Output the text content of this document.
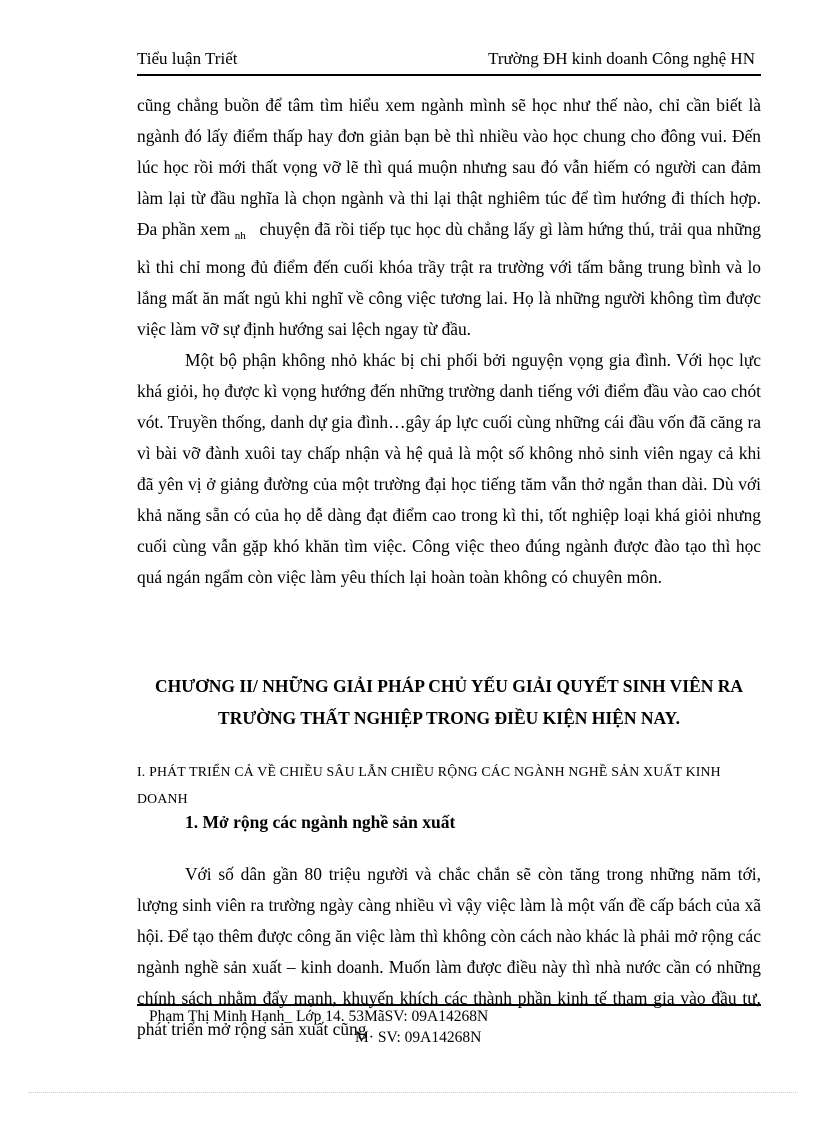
Tiểu luận Triết	Trường ĐH kinh doanh Công nghệ HN

cũng chẳng buồn để tâm tìm hiểu xem ngành mình sẽ học như thế nào, chỉ cần biết là ngành đó lấy điểm thấp hay đơn giản bạn bè thì nhiều vào học chung cho đông vui. Đến lúc học rồi mới thất vọng vỡ lẽ thì quá muộn nhưng sau đó vẫn hiếm có người can đảm làm lại từ đầu nghĩa là chọn ngành và thi lại thật nghiêm túc để tìm hướng đi thích hợp. Đa phần xem $_{nh}$ chuyện đã rồi tiếp tục học dù chẳng lấy gì làm hứng thú, trải qua những kì thi chỉ mong đủ điểm đến cuối khóa trầy trật ra trường với tấm bằng trung bình và lo lắng mất ăn mất ngủ khi nghĩ về công việc tương lai. Họ là những người không tìm được việc làm vỡ sự định hướng sai lệch ngay từ đầu.

Một bộ phận không nhỏ khác bị chi phối bởi nguyện vọng gia đình. Với học lực khá giỏi, họ được kì vọng hướng đến những trường danh tiếng với điểm đầu vào cao chót vót. Truyền thống, danh dự gia đình…gây áp lực cuối cùng những cái đầu vốn đã căng ra vì bài vỡ đành xuôi tay chấp nhận và hệ quả là một số không nhỏ sinh viên ngay cả khi đã yên vị ở giảng đường của một trường đại học tiếng tăm vẫn thở ngắn than dài. Dù với khả năng sẵn có của họ dễ dàng đạt điểm cao trong kì thi, tốt nghiệp loại khá giỏi nhưng cuối cùng vẫn gặp khó khăn tìm việc. Công việc theo đúng ngành được đào tạo thì học quá ngán ngẩm còn việc làm yêu thích lại hoàn toàn không có chuyên môn.

CHƯƠNG II/ NHỮNG GIẢI PHÁP CHỦ YẾU GIẢI QUYẾT SINH VIÊN RA TRƯỜNG THẤT NGHIỆP TRONG ĐIỀU KIỆN HIỆN NAY.
I. PHÁT TRIỂN CẢ VỀ CHIỀU SÂU LẪN CHIỀU RỘNG CÁC NGÀNH NGHỀ SẢN XUẤT KINH DOANH
1. Mở rộng các ngành nghề sản xuất

Với số dân gần 80 triệu người và chắc chắn sẽ còn tăng trong những năm tới, lượng sinh viên ra trường ngày càng nhiều vì vậy việc làm là một vấn đề cấp bách của xã hội. Để tạo thêm được công ăn việc làm thì không còn cách nào khác là phải mở rộng các ngành nghề sản xuất – kinh doanh. Muốn làm được điều này thì nhà nước cần có những chính sách nhằm đẩy mạnh, khuyến khích các thành phần kinh tế tham gia vào đầu tư, phát triển mở rộng sản xuất cũng

Phạm Thị Minh Hạnh_ Lớp 14. 53MãSV: 09A14268N
M· SV: 09A14268N
